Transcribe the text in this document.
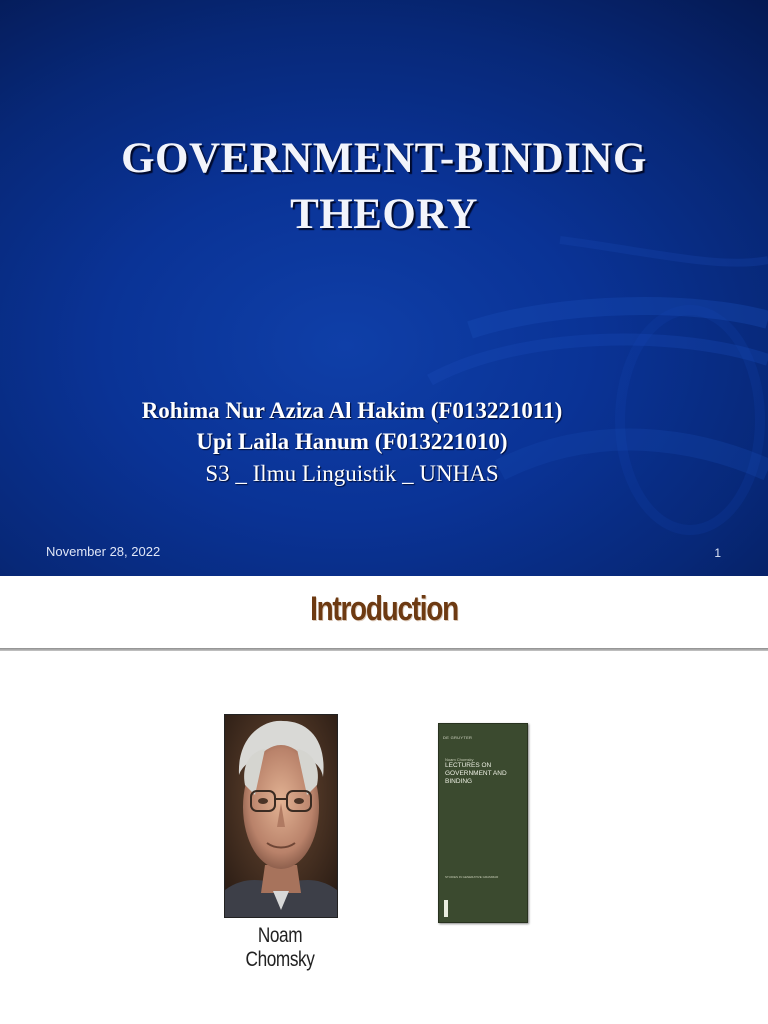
GOVERNMENT-BINDING
THEORY
Rohima Nur Aziza Al Hakim (F013221011)
Upi Laila Hanum (F013221010)
S3 _ Ilmu Linguistik _ UNHAS
November 28, 2022	1
Introduction
Noam Chomsky
DE GRUYTER
Noam Chomsky
LECTURES ON
GOVERNMENT AND
BINDING
STUDIES IN GENERATIVE GRAMMAR
